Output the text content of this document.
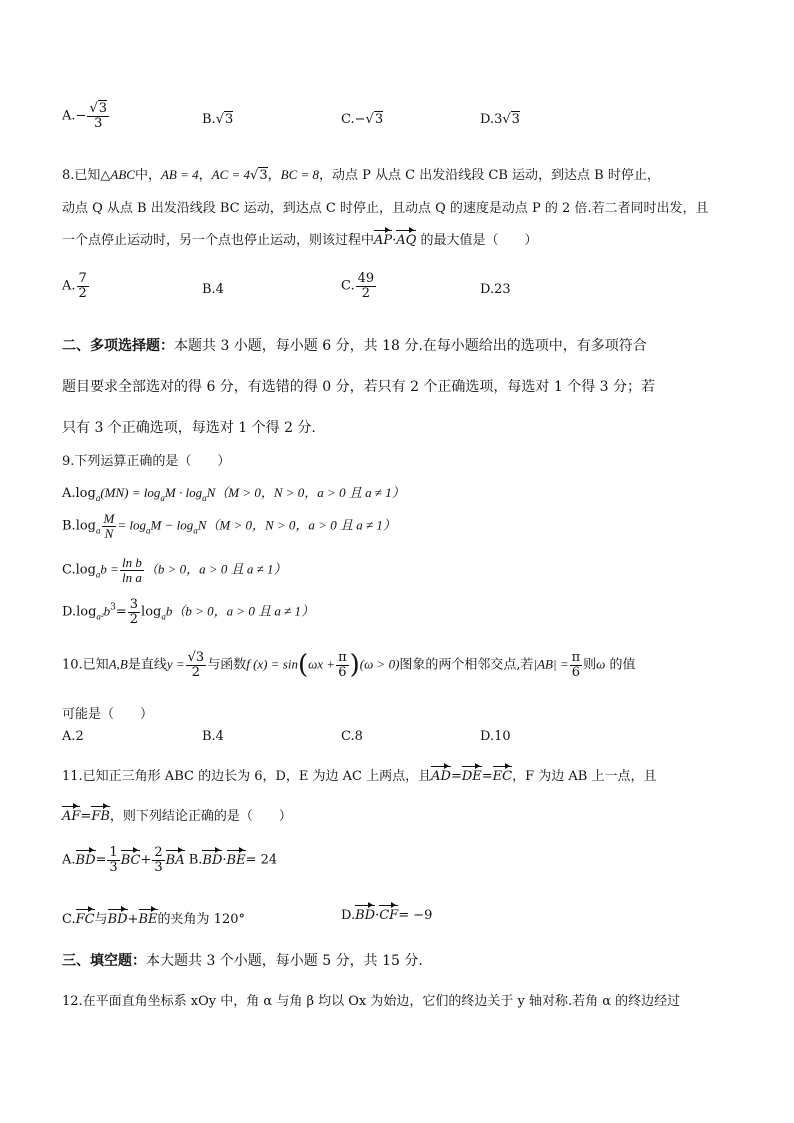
$A.- \frac{√3}{3}$	B.√3	C.−√3	D.3√3
8.已知△ABC中，AB = 4，AC = 4√3，BC = 8，动点 P 从点 C 出发沿线段 CB 运动，到达点 B 时停止，
动点 Q 从点 B 出发沿线段 BC 运动，到达点 C 时停止，且动点 Q 的速度是动点 P 的 2 倍.若二者同时出发，且
一个点停止运动时，另一个点也停止运动，则该过程中AP·AQ 的最大值是（　　）
A. $\frac{7}{2}$	B.4	C. $\frac{49}{2}$	D.23
二、多项选择题：本题共 3 小题，每小题 6 分，共 18 分.在每小题给出的选项中，有多项符合
题目要求全部选对的得 6 分，有选错的得 0 分，若只有 2 个正确选项，每选对 1 个得 3 分；若
只有 3 个正确选项，每选对 1 个得 2 分.
9.下列运算正确的是（　　）
$A.\log_a(MN) = \log_aM \cdot \log_aN(M > 0$，N > 0，a > 0 且 a ≠ 1）
$B.\log_a \frac{M}{N} = \log_aM - \log_aN(M > 0$，N > 0，a > 0 且 a ≠ 1）
$C.\log_ab = \frac{\text{ln b}}{\text{ln a}} (b > 0$，a > 0 且 a ≠ 1）
$D.\log_{a^2}b^3= \frac{3}{2} \log_ab(b > 0$，a > 0 且 a ≠ 1）
10.已知A,B是直线$y = \frac{√3}{2}$ 与函数f $(x) = \sin(\omega x + \frac{\pi}{6} )(\omega > 0)$图象的两个相邻交点,若$|AB| = \frac{\pi}{6}$ 则ω 的值
可能是（　　）
A.2	B.4	C.8	D.10
11.已知正三角形 ABC 的边长为 6，D，E 为边 AC 上两点，且AD=DE=EC，F 为边 AB 上一点，且
AF=FB，则下列结论正确的是（　　）
$A.BD= \frac{1}{3} BC+ \frac{2}{3}$ BA B.BD·BE= 24
C.FC与BD+BE的夹角为 120°	D.BD·CF= −9
三、填空题：本大题共 3 个小题，每小题 5 分，共 15 分.
12.在平面直角坐标系 xOy 中，角 α 与角 β 均以 Ox 为始边，它们的终边关于 y 轴对称.若角 α 的终边经过
